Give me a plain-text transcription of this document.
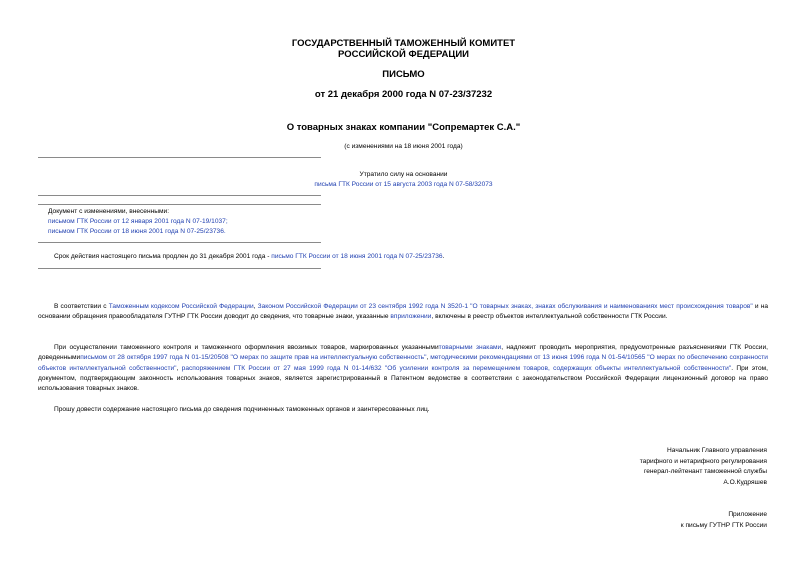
ГОСУДАРСТВЕННЫЙ ТАМОЖЕННЫЙ КОМИТЕТ
РОССИЙСКОЙ ФЕДЕРАЦИИ
ПИСЬМО
от 21 декабря 2000 года N 07-23/37232
О товарных знаках компании "Сопремартек С.А."
(с изменениями на 18 июня 2001 года)
Утратило силу на основании
письма ГТК России от 15 августа 2003 года N 07-58/32073
Документ с изменениями, внесенными:
письмом ГТК России от 12 января 2001 года N 07-19/1037;
письмом ГТК России от 18 июня 2001 года N 07-25/23736.
Срок действия настоящего письма продлен до 31 декабря 2001 года - письмо ГТК России от 18 июня 2001 года N 07-25/23736.
В соответствии с Таможенным кодексом Российской Федерации, Законом Российской Федерации от 23 сентября 1992 года N 3520-1 "О товарных знаках, знаках обслуживания и наименованиях мест происхождения товаров" и на основании обращения правообладателя ГУТНР ГТК России доводит до сведения, что товарные знаки, указанные вприложении, включены в реестр объектов интеллектуальной собственности ГТК России.
При осуществлении таможенного контроля и таможенного оформления ввозимых товаров, маркированных указаннымитоварными знаками, надлежит проводить мероприятия, предусмотренные разъяснениями ГТК России, доведеннымиписьмом от 28 октября 1997 года N 01-15/20508 "О мерах по защите прав на интеллектуальную собственность", методическими рекомендациями от 13 июня 1996 года N 01-54/10565 "О мерах по обеспечению сохранности объектов интеллектуальной собственности", распоряжением ГТК России от 27 мая 1999 года N 01-14/632 "Об усилении контроля за перемещением товаров, содержащих объекты интеллектуальной собственности". При этом, документом, подтверждающим законность использования товарных знаков, является зарегистрированный в Патентном ведомстве в соответствии с законодательством Российской Федерации лицензионный договор на право использования товарных знаков.
Прошу довести содержание настоящего письма до сведения подчиненных таможенных органов и заинтересованных лиц.
Начальник Главного управления
тарифного и нетарифного регулирования
генерал-лейтенант таможенной службы
А.О.Кудряшев
Приложение
к письму ГУТНР ГТК России
